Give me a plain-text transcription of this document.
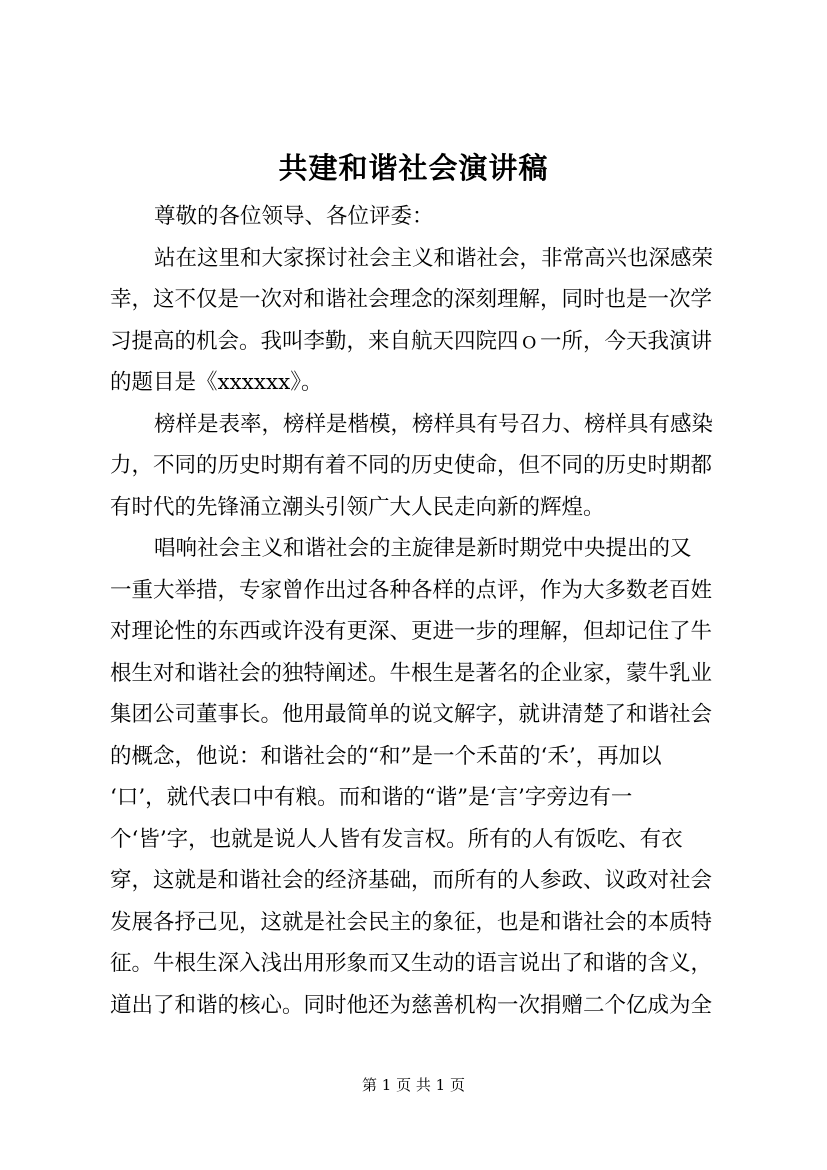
共建和谐社会演讲稿
尊敬的各位领导、各位评委：
站在这里和大家探讨社会主义和谐社会，非常高兴也深感荣
幸，这不仅是一次对和谐社会理念的深刻理解，同时也是一次学
习提高的机会。我叫李勤，来自航天四院四ｏ一所，今天我演讲
的题目是《xxxxxx》。
榜样是表率，榜样是楷模，榜样具有号召力、榜样具有感染
力，不同的历史时期有着不同的历史使命，但不同的历史时期都
有时代的先锋涌立潮头引领广大人民走向新的辉煌。
唱响社会主义和谐社会的主旋律是新时期党中央提出的又
一重大举措，专家曾作出过各种各样的点评，作为大多数老百姓
对理论性的东西或许没有更深、更进一步的理解，但却记住了牛
根生对和谐社会的独特阐述。牛根生是著名的企业家，蒙牛乳业
集团公司董事长。他用最简单的说文解字，就讲清楚了和谐社会
的概念，他说：和谐社会的“和”是一个禾苗的‘禾’，再加以
‘口’，就代表口中有粮。而和谐的“谐”是‘言’字旁边有一
个‘皆’字，也就是说人人皆有发言权。所有的人有饭吃、有衣
穿，这就是和谐社会的经济基础，而所有的人参政、议政对社会
发展各抒己见，这就是社会民主的象征，也是和谐社会的本质特
征。牛根生深入浅出用形象而又生动的语言说出了和谐的含义，
道出了和谐的核心。同时他还为慈善机构一次捐赠二个亿成为全
第 1 页 共 1 页
